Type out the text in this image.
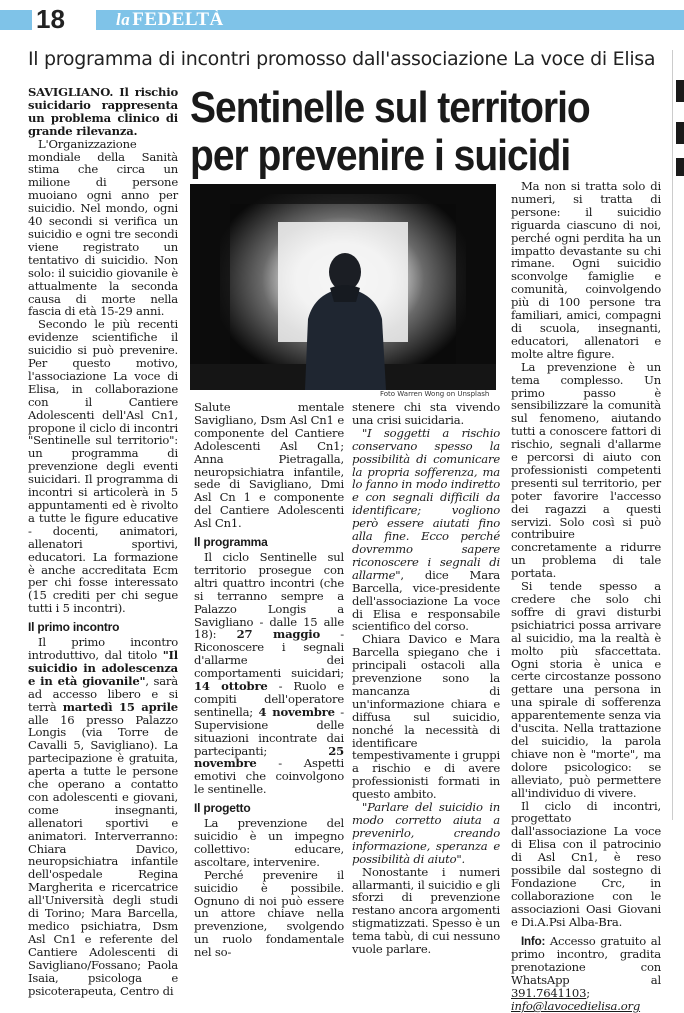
18	la FEDELTÀ
Il programma di incontri promosso dall'associazione La voce di Elisa
Sentinelle sul territorio
per prevenire i suicidi

SAVIGLIANO. Il rischio suicidario rappresenta un problema clinico di grande rilevanza.

L'Organizzazione mondiale della Sanità stima che circa un milione di persone muoiano ogni anno per suicidio. Nel mondo, ogni 40 secondi si verifica un suicidio e ogni tre secondi viene registrato un tentativo di suicidio. Non solo: il suicidio giovanile è attualmente la seconda causa di morte nella fascia di età 15-29 anni.

Secondo le più recenti evidenze scientifiche il suicidio si può prevenire. Per questo motivo, l'associazione La voce di Elisa, in collaborazione con il Cantiere Adolescenti dell'Asl Cn1, propone il ciclo di incontri "Sentinelle sul territorio": un programma di prevenzione degli eventi suicidari. Il programma di incontri si articolerà in 5 appuntamenti ed è rivolto a tutte le figure educative - docenti, animatori, allenatori sportivi, educatori. La formazione è anche accreditata Ecm per chi fosse interessato (15 crediti per chi segue tutti i 5 incontri).

Il primo incontro

Il primo incontro introduttivo, dal titolo "Il suicidio in adolescenza e in età giovanile", sarà ad accesso libero e si terrà martedì 15 aprile alle 16 presso Palazzo Longis (via Torre de Cavalli 5, Savigliano). La partecipazione è gratuita, aperta a tutte le persone che operano a contatto con adolescenti e giovani, come insegnanti, allenatori sportivi e animatori. Interverranno: Chiara Davico, neuropsichiatra infantile dell'ospedale Regina Margherita e ricercatrice all'Università degli studi di Torino; Mara Barcella, medico psichiatra, Dsm Asl Cn1 e referente del Cantiere Adolescenti di Savigliano/Fossano; Paola Isaia, psicologa e psicoterapeuta, Centro di

Foto Warren Wong on Unsplash

Salute mentale Savigliano, Dsm Asl Cn1 e componente del Cantiere Adolescenti Asl Cn1; Anna Pietragalla, neuropsichiatra infantile, sede di Savigliano, Dmi Asl Cn 1 e componente del Cantiere Adolescenti Asl Cn1.

Il programma

Il ciclo Sentinelle sul territorio prosegue con altri quattro incontri (che si terranno sempre a Palazzo Longis a Savigliano - dalle 15 alle 18): 27 maggio - Riconoscere i segnali d'allarme dei comportamenti suicidari; 14 ottobre - Ruolo e compiti dell'operatore sentinella; 4 novembre - Supervisione delle situazioni incontrate dai partecipanti; 25 novembre - Aspetti emotivi che coinvolgono le sentinelle.

Il progetto

La prevenzione del suicidio è un impegno collettivo: educare, ascoltare, intervenire.

Perché prevenire il suicidio è possibile. Ognuno di noi può essere un attore chiave nella prevenzione, svolgendo un ruolo fondamentale nel so-

stenere chi sta vivendo una crisi suicidaria.

"I soggetti a rischio conservano spesso la possibilità di comunicare la propria sofferenza, ma lo fanno in modo indiretto e con segnali difficili da identificare; vogliono però essere aiutati fino alla fine. Ecco perché dovremmo sapere riconoscere i segnali di allarme", dice Mara Barcella, vice-presidente dell'associazione La voce di Elisa e responsabile scientifico del corso.

Chiara Davico e Mara Barcella spiegano che i principali ostacoli alla prevenzione sono la mancanza di un'informazione chiara e diffusa sul suicidio, nonché la necessità di identificare tempestivamente i gruppi a rischio e di avere professionisti formati in questo ambito.

"Parlare del suicidio in modo corretto aiuta a prevenirlo, creando informazione, speranza e possibilità di aiuto".

Nonostante i numeri allarmanti, il suicidio e gli sforzi di prevenzione restano ancora argomenti stigmatizzati. Spesso è un tema tabù, di cui nessuno vuole parlare.

Ma non si tratta solo di numeri, si tratta di persone: il suicidio riguarda ciascuno di noi, perché ogni perdita ha un impatto devastante su chi rimane. Ogni suicidio sconvolge famiglie e comunità, coinvolgendo più di 100 persone tra familiari, amici, compagni di scuola, insegnanti, educatori, allenatori e molte altre figure.

La prevenzione è un tema complesso. Un primo passo è sensibilizzare la comunità sul fenomeno, aiutando tutti a conoscere fattori di rischio, segnali d'allarme e percorsi di aiuto con professionisti competenti presenti sul territorio, per poter favorire l'accesso dei ragazzi a questi servizi. Solo così si può contribuire concretamente a ridurre un problema di tale portata.

Si tende spesso a credere che solo chi soffre di gravi disturbi psichiatrici possa arrivare al suicidio, ma la realtà è molto più sfaccettata. Ogni storia è unica e certe circostanze possono gettare una persona in una spirale di sofferenza apparentemente senza via d'uscita. Nella trattazione del suicidio, la parola chiave non è "morte", ma dolore psicologico: se alleviato, può permettere all'individuo di vivere.

Il ciclo di incontri, progettato dall'associazione La voce di Elisa con il patrocinio di Asl Cn1, è reso possibile dal sostegno di Fondazione Crc, in collaborazione con le associazioni Oasi Giovani e Di.A.Psi Alba-Bra.

Info: Accesso gratuito al primo incontro, gradita prenotazione con WhatsApp al 391.7641103; info@lavocedielisa.org
